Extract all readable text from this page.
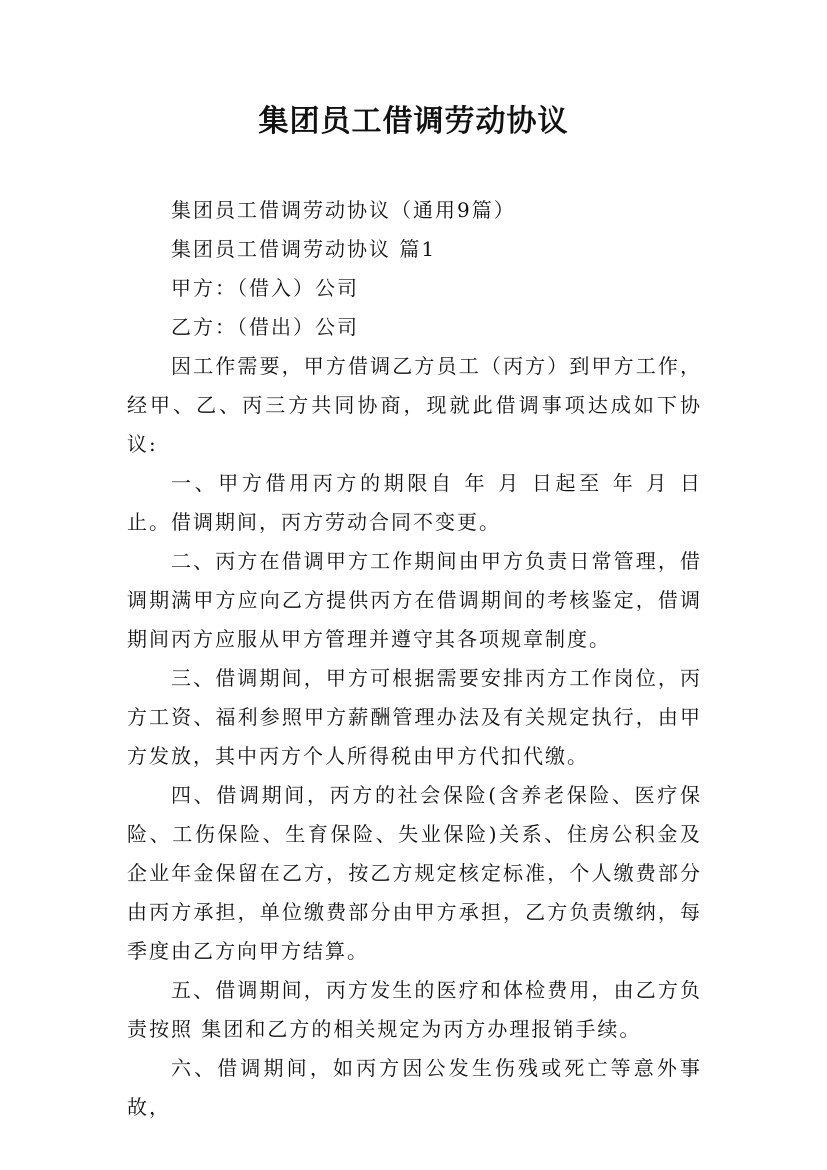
集团员工借调劳动协议

集团员工借调劳动协议（通用9篇）

集团员工借调劳动协议 篇1

甲方：（借入）公司

乙方：（借出）公司

因工作需要，甲方借调乙方员工（丙方）到甲方工作，经甲、乙、丙三方共同协商，现就此借调事项达成如下协议:

一、甲方借用丙方的期限自 年 月 日起至 年 月 日止。借调期间，丙方劳动合同不变更。

二、丙方在借调甲方工作期间由甲方负责日常管理，借调期满甲方应向乙方提供丙方在借调期间的考核鉴定，借调期间丙方应服从甲方管理并遵守其各项规章制度。

三、借调期间，甲方可根据需要安排丙方工作岗位，丙方工资、福利参照甲方薪酬管理办法及有关规定执行，由甲方发放，其中丙方个人所得税由甲方代扣代缴。

四、借调期间，丙方的社会保险(含养老保险、医疗保险、工伤保险、生育保险、失业保险)关系、住房公积金及企业年金保留在乙方，按乙方规定核定标准，个人缴费部分由丙方承担，单位缴费部分由甲方承担，乙方负责缴纳，每季度由乙方向甲方结算。

五、借调期间，丙方发生的医疗和体检费用，由乙方负责按照 集团和乙方的相关规定为丙方办理报销手续。

六、借调期间，如丙方因公发生伤残或死亡等意外事故，
